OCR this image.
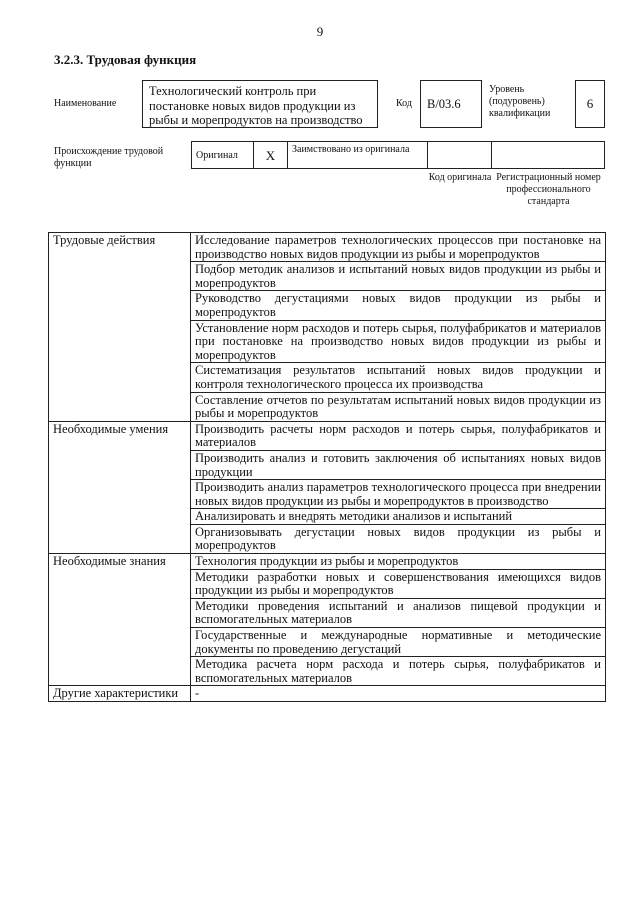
9
3.2.3. Трудовая функция
Наименование
Технологический контроль при постановке новых видов продукции из рыбы и морепродуктов на производство
Код	B/03.6
Уровень (подуровень) квалификации
6
Происхождение трудовой функции
Оригинал	X	Заимствовано из оригинала
Код оригинала Регистрационный номер профессионального стандарта
Трудовые действия	Исследование параметров технологических процессов при постановке на производство новых видов продукции из рыбы и морепродуктов
	Подбор методик анализов и испытаний новых видов продукции из рыбы и морепродуктов
	Руководство дегустациями новых видов продукции из рыбы и морепродуктов
	Установление норм расходов и потерь сырья, полуфабрикатов и материалов при постановке на производство новых видов продукции из рыбы и морепродуктов
	Систематизация результатов испытаний новых видов продукции и контроля технологического процесса их производства
	Составление отчетов по результатам испытаний новых видов продукции из рыбы и морепродуктов
Необходимые умения	Производить расчеты норм расходов и потерь сырья, полуфабрикатов и материалов
	Производить анализ и готовить заключения об испытаниях новых видов продукции
	Производить анализ параметров технологического процесса при внедрении новых видов продукции из рыбы и морепродуктов в производство
	Анализировать и внедрять методики анализов и испытаний
	Организовывать дегустации новых видов продукции из рыбы и морепродуктов
Необходимые знания	Технология продукции из рыбы и морепродуктов
	Методики разработки новых и совершенствования имеющихся видов продукции из рыбы и морепродуктов
	Методики проведения испытаний и анализов пищевой продукции и вспомогательных материалов
	Государственные и международные нормативные и методические документы по проведению дегустаций
	Методика расчета норм расхода и потерь сырья, полуфабрикатов и вспомогательных материалов
Другие характеристики	-
